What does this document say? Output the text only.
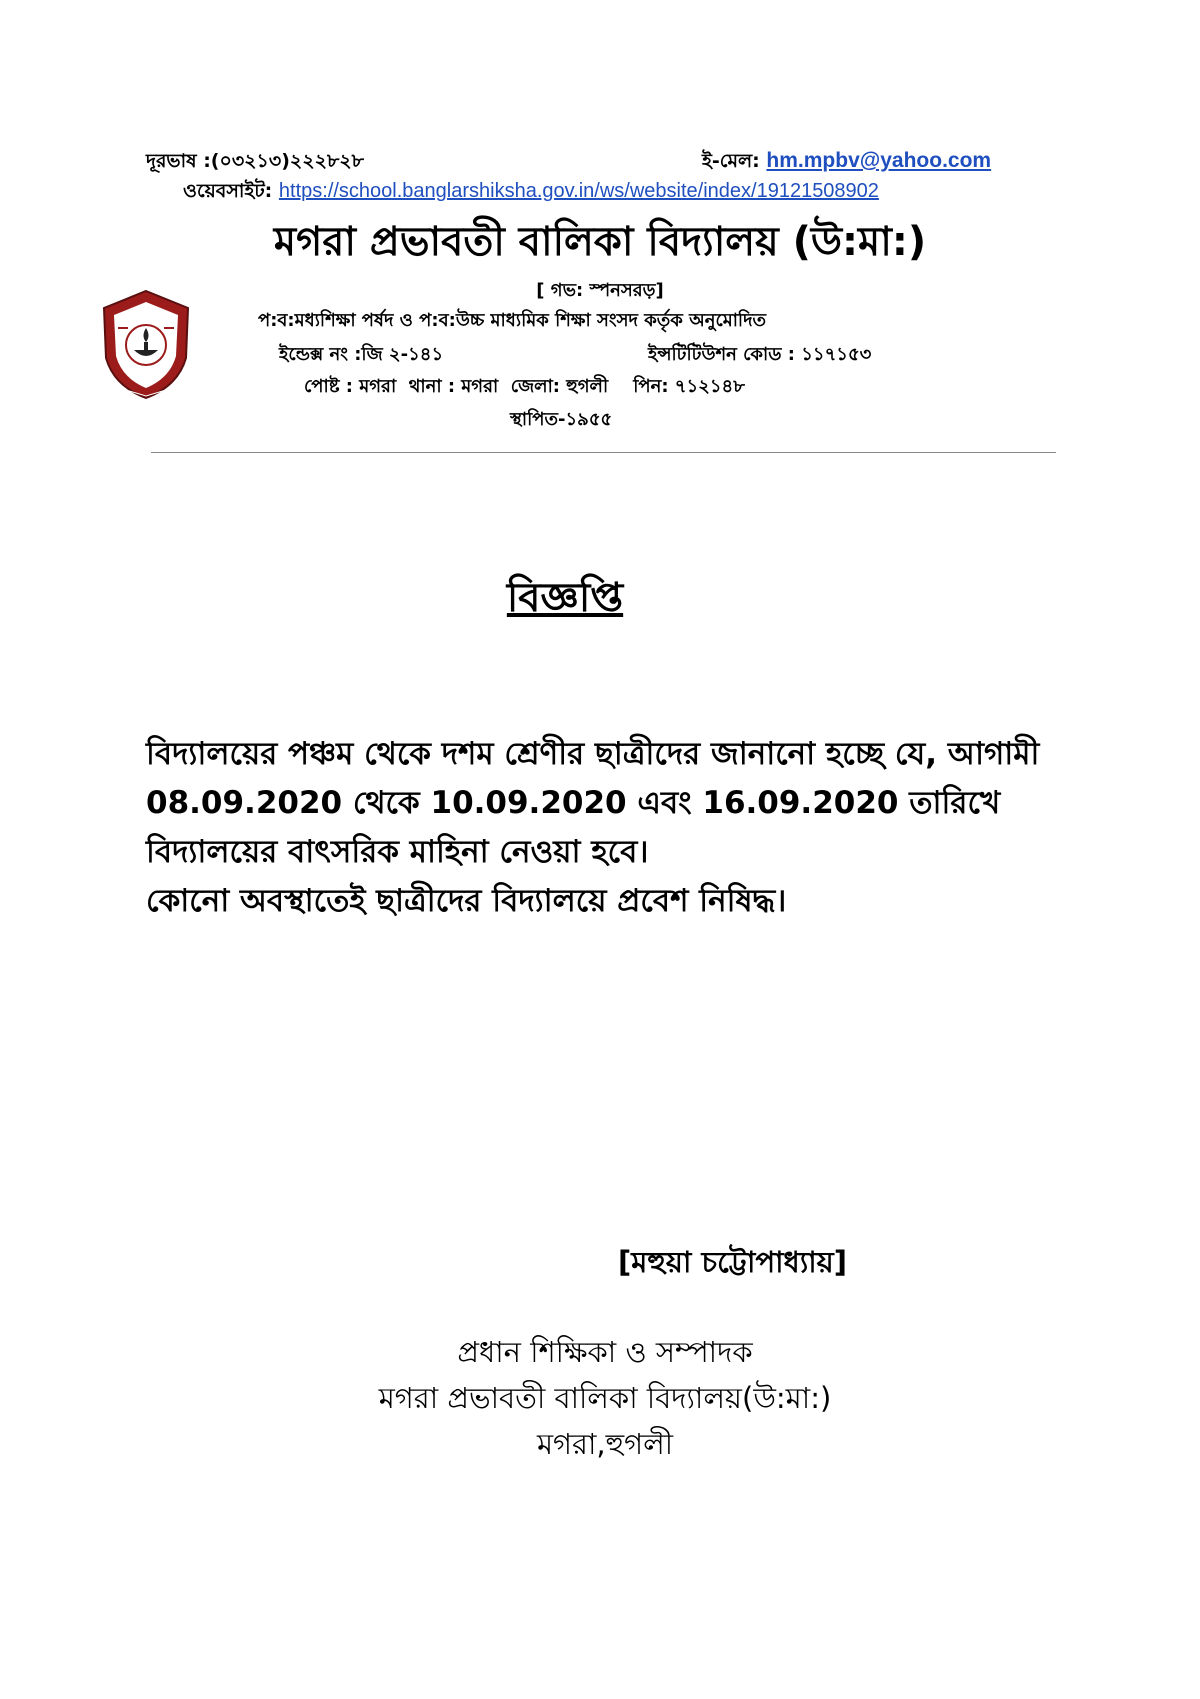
দূরভাষ :(০৩২১৩)২২২৮২৮	ই-মেল: hm.mpbv@yahoo.com
ওয়েবসাইট: https://school.banglarshiksha.gov.in/ws/website/index/19121508902
মগরা প্রভাবতী বালিকা বিদ্যালয় (উ:মা:)
[ গভ: স্পনসরড়]
প:ব:মধ্যশিক্ষা পর্ষদ ও প:ব:উচ্চ মাধ্যমিক শিক্ষা সংসদ কর্তৃক অনুমোদিত
ইন্ডেক্স নং :জি ২-১৪১	ইন্সটিটিউশন কোড : ১১৭১৫৩
পোষ্ট : মগরা থানা : মগরা জেলা: হুগলী পিন: ৭১২১৪৮
স্থাপিত-১৯৫৫
বিজ্ঞপ্তি

বিদ্যালয়ের পঞ্চম থেকে দশম শ্রেণীর ছাত্রীদের জানানো হচ্ছে যে, আগামী 08.09.2020 থেকে 10.09.2020 এবং 16.09.2020 তারিখে বিদ্যালয়ের বাৎসরিক মাহিনা নেওয়া হবে।

কোনো অবস্থাতেই ছাত্রীদের বিদ্যালয়ে প্রবেশ নিষিদ্ধ।

[মহুয়া চট্টোপাধ্যায়]
প্রধান শিক্ষিকা ও সম্পাদক
মগরা প্রভাবতী বালিকা বিদ্যালয়(উ:মা:)
মগরা,হুগলী
